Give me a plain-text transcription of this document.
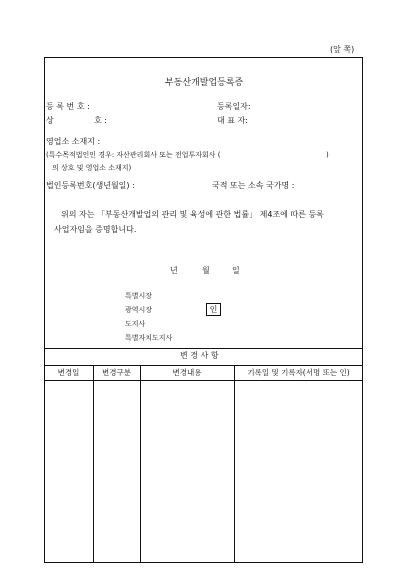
(앞 쪽)
부동산개발업등록증
등 록 번 호 :	등록일자:
상	호 :	대 표 자:
영업소 소재지 :
(특수목적법인인 경우: 자산관리회사 또는 전업투자회사 (	)
의 상호 및 영업소 소재지)
법인등록번호(생년월일) :	국적 또는 소속 국가명 :
위의 자는 「부동산개발업의 관리 및 육성에 관한 법률」 제4조에 따른 등록
사업자임을 증명합니다.
년	월	일
특별시장
광역시장
도지사
특별자치도지사
인
변 경 사 항
변경일	변경구분	변경내용	기록일 및 기록자(서명 또는 인)
